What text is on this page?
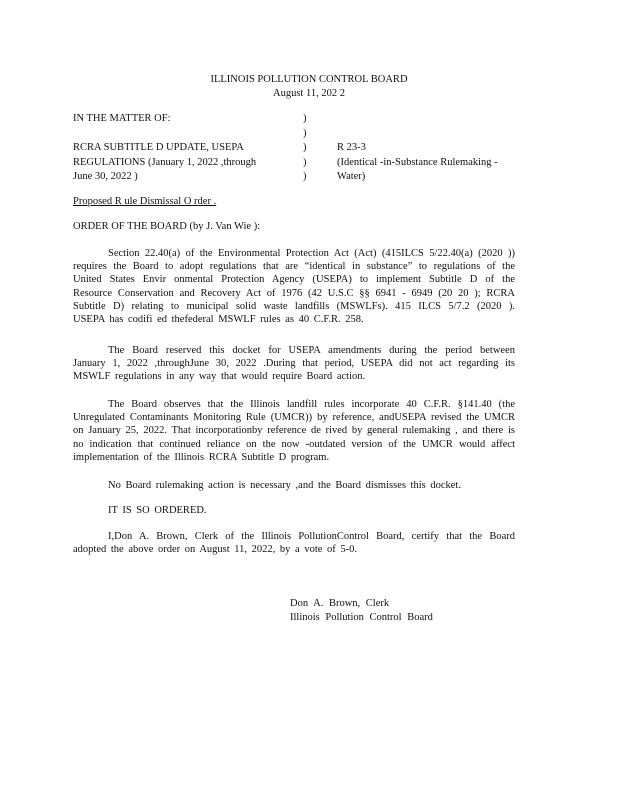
ILLINOIS POLLUTION CONTROL BOARD
August 11, 202 2
IN THE MATTER OF:
RCRA SUBTITLE D UPDATE, USEPA
REGULATIONS (January 1, 2022 ,through
June 30, 2022 )
)
)
)
)
)
R 23-3
(Identical -in-Substance Rulemaking -
Water)
Proposed R ule Dismissal O rder .
ORDER OF THE BOARD (by J. Van Wie ):
Section 22.40(a) of the Environmental Protection Act (Act) (415ILCS 5/22.40(a) (2020 )) requires the Board to adopt regulations that are “identical in substance” to regulations of the United States Envir onmental Protection Agency (USEPA) to implement Subtitle D of the Resource Conservation and Recovery Act of 1976 (42 U.S.C §§ 6941 - 6949 (20 20 ); RCRA Subtitle D) relating to municipal solid waste landfills (MSWLFs). 415 ILCS 5/7.2 (2020 ). USEPA has codifi ed thefederal MSWLF rules as 40 C.F.R. 258.
The Board reserved this docket for USEPA amendments during the period between January 1, 2022 ,throughJune 30, 2022 .During that period, USEPA did not act regarding its MSWLF regulations in any way that would require Board action.
The Board observes that the Illinois landfill rules incorporate 40 C.F.R. §141.40 (the Unregulated Contaminants Monitoring Rule (UMCR)) by reference, andUSEPA revised the UMCR on January 25, 2022. That incorporationby reference de rived by general rulemaking , and there is no indication that continued reliance on the now -outdated version of the UMCR would affect implementation of the Illinois RCRA Subtitle D program.
No Board rulemaking action is necessary ,and the Board dismisses this docket.
IT IS SO ORDERED.
I,Don A. Brown, Clerk of the Illinois PollutionControl Board, certify that the Board adopted the above order on August 11, 2022, by a vote of 5-0.
Don A. Brown, Clerk
Illinois Pollution Control Board
